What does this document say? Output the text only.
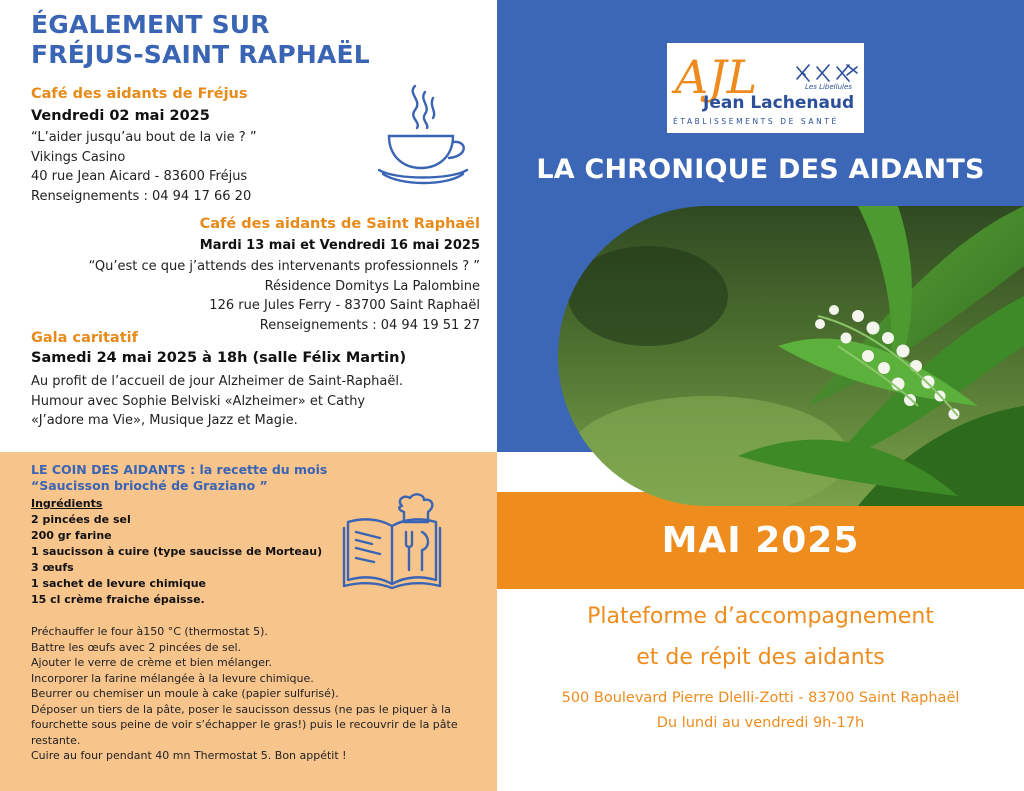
ÉGALEMENT SUR
FRÉJUS-SAINT RAPHAËL
Café des aidants de Fréjus
Vendredi 02 mai 2025
“L’aider jusqu’au bout de la vie ? ”
Vikings Casino
40 rue Jean Aicard - 83600 Fréjus
Renseignements : 04 94 17 66 20
Café des aidants de Saint Raphaël
Mardi 13 mai et Vendredi 16 mai 2025
“Qu’est ce que j’attends des intervenants professionnels ? ”
Résidence Domitys La Palombine
126 rue Jules Ferry - 83700 Saint Raphaël
Renseignements : 04 94 19 51 27
Gala caritatif
Samedi 24 mai 2025 à 18h (salle Félix Martin)
Au profit de l’accueil de jour Alzheimer de Saint-Raphaël.
Humour avec Sophie Belviski «Alzheimer» et Cathy
«J’adore ma Vie», Musique Jazz et Magie.
LE COIN DES AIDANTS : la recette du mois
“Saucisson brioché de Graziano ”
Ingrédients
2 pincées de sel
200 gr farine
1 saucisson à cuire (type saucisse de Morteau)
3 œufs
1 sachet de levure chimique
15 cl crème fraiche épaisse.
Préchauffer le four à150 °C (thermostat 5).
Battre les œufs avec 2 pincées de sel.
Ajouter le verre de crème et bien mélanger.
Incorporer la farine mélangée à la levure chimique.
Beurrer ou chemiser un moule à cake (papier sulfurisé).
Déposer un tiers de la pâte, poser le saucisson dessus (ne pas le piquer à la
fourchette sous peine de voir s’échapper le gras!) puis le recouvrir de la pâte
restante.
Cuire au four pendant 40 mn Thermostat 5. Bon appétit !
AJL	Les Libellules
Jean Lachenaud
ÉTABLISSEMENTS DE SANTÉ
LA CHRONIQUE DES AIDANTS
MAI 2025
Plateforme d’accompagnement
et de répit des aidants
500 Boulevard Pierre Dlelli-Zotti - 83700 Saint Raphaël
Du lundi au vendredi 9h-17h
